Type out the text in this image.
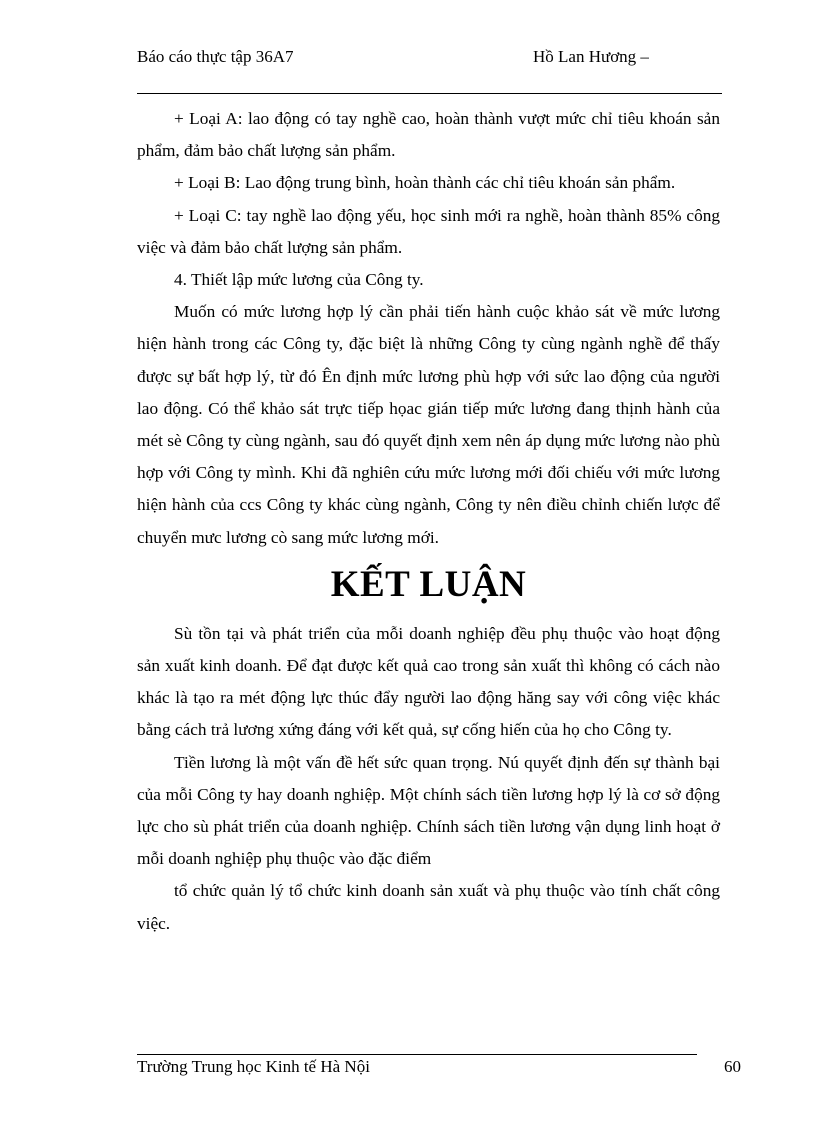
Báo cáo thực tập 36A7	Hồ Lan Hương –

+ Loại A: lao động có tay nghề cao, hoàn thành vượt mức chỉ tiêu khoán sản phẩm, đảm bảo chất lượng sản phẩm.

+ Loại B: Lao động trung bình, hoàn thành các chỉ tiêu khoán sản phẩm.

+ Loại C: tay nghề lao động yếu, học sinh mới ra nghề, hoàn thành 85% công việc và đảm bảo chất lượng sản phẩm.

4. Thiết lập mức lương của Công ty.

Muốn có mức lương hợp lý cần phải tiến hành cuộc khảo sát về mức lương hiện hành trong các Công ty, đặc biệt là những Công ty cùng ngành nghề để thấy được sự bất hợp lý, từ đó Ên định mức lương phù hợp với sức lao động của người lao động. Có thể khảo sát trực tiếp họac gián tiếp mức lương đang thịnh hành của mét sè Công ty cùng ngành, sau đó quyết định xem nên áp dụng mức lương nào phù hợp với Công ty mình. Khi đã nghiên cứu mức lương mới đối chiếu với mức lương hiện hành của ccs Công ty khác cùng ngành, Công ty nên điều chỉnh chiến lược để chuyển mưc lương cò sang mức lương mới.

KẾT LUẬN

Sù tồn tại và phát triển của mỗi doanh nghiệp đều phụ thuộc vào hoạt động sản xuất kinh doanh. Để đạt được kết quả cao trong sản xuất thì không có cách nào khác là tạo ra mét động lực thúc đẩy người lao động hăng say với công việc khác bằng cách trả lương xứng đáng với kết quả, sự cống hiến của họ cho Công ty.

Tiền lương là một vấn đề hết sức quan trọng. Nú quyết định đến sự thành bại của mỗi Công ty hay doanh nghiệp. Một chính sách tiền lương hợp lý là cơ sở động lực cho sù phát triển của doanh nghiệp. Chính sách tiền lương vận dụng linh hoạt ở mỗi doanh nghiệp phụ thuộc vào đặc điểm

tổ chức quản lý tổ chức kinh doanh sản xuất và phụ thuộc vào tính chất công việc.

Trường Trung học Kinh tế Hà Nội	60
